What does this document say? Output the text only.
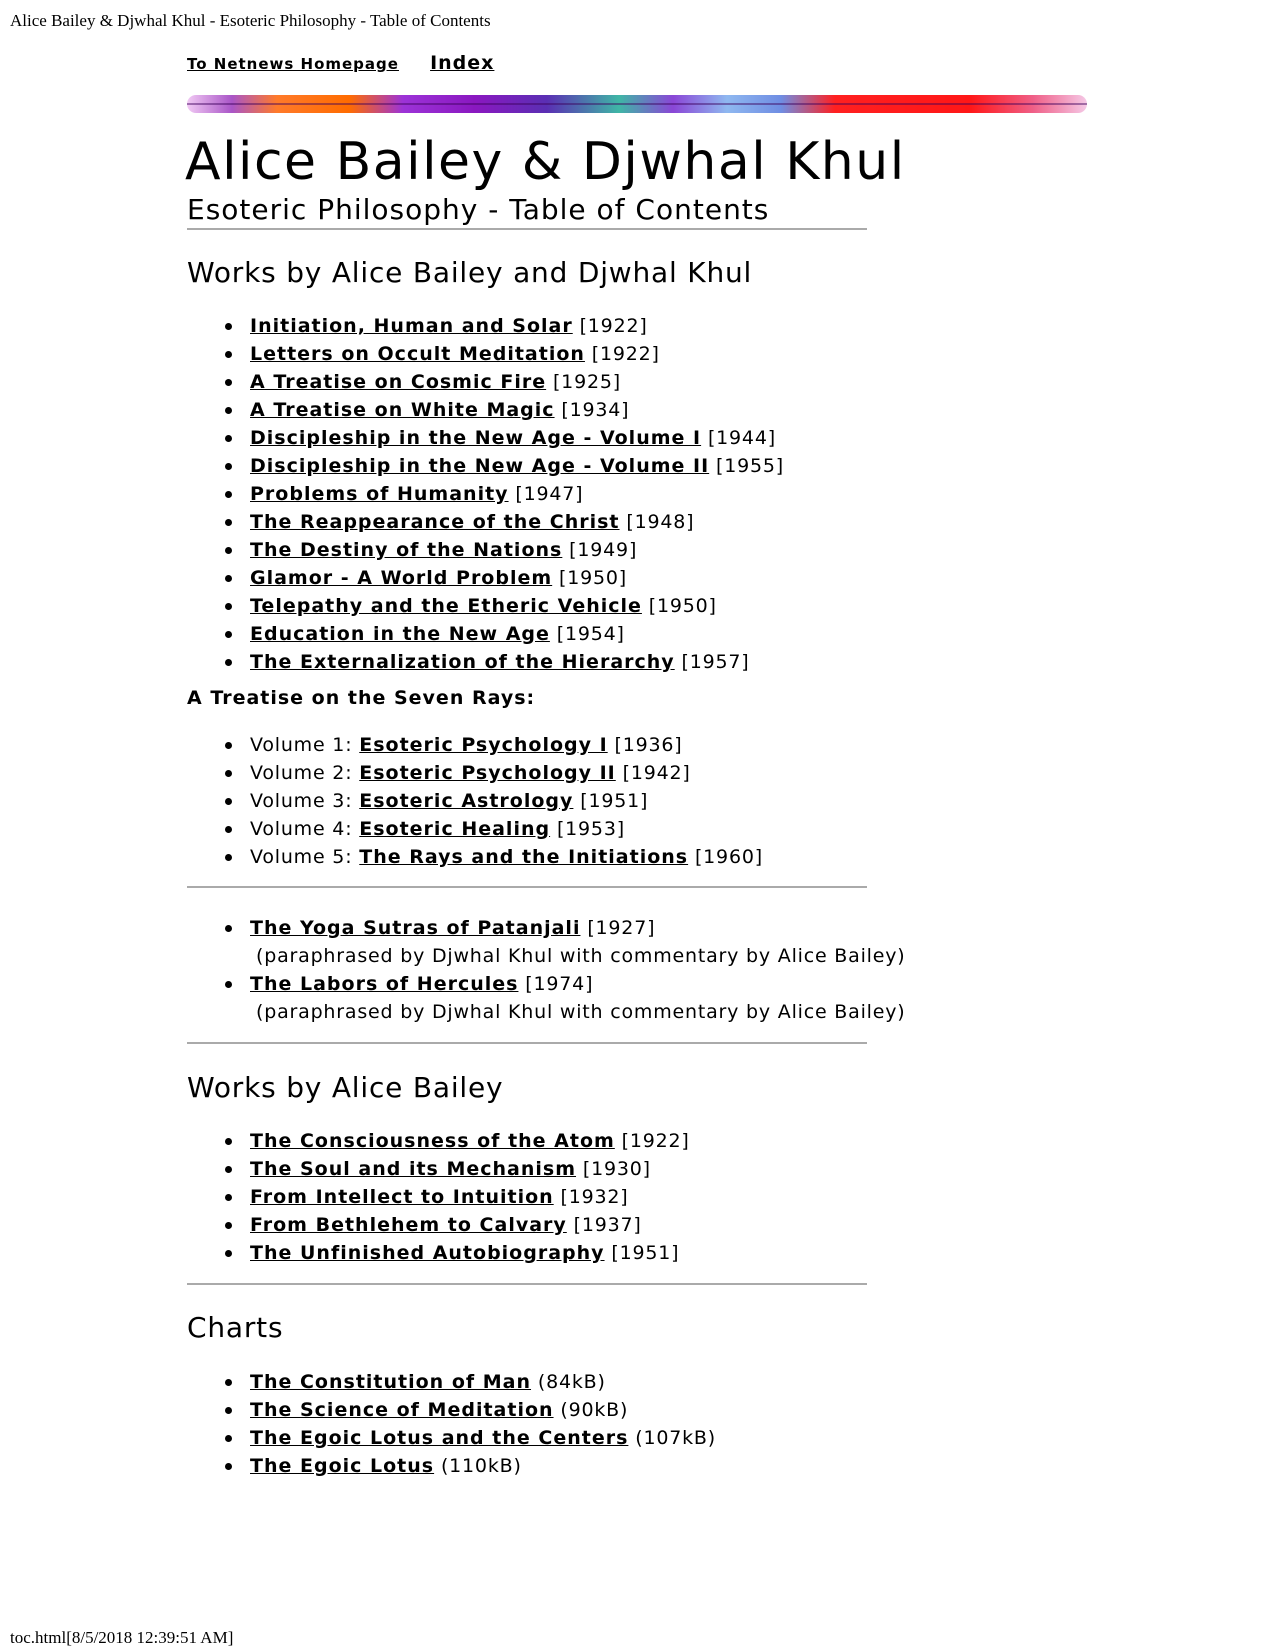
Alice Bailey & Djwhal Khul - Esoteric Philosophy - Table of Contents
To Netnews Homepage Index
Alice Bailey & Djwhal Khul
Esoteric Philosophy - Table of Contents
Works by Alice Bailey and Djwhal Khul
Initiation, Human and Solar [1922]
Letters on Occult Meditation [1922]
A Treatise on Cosmic Fire [1925]
A Treatise on White Magic [1934]
Discipleship in the New Age - Volume I [1944]
Discipleship in the New Age - Volume II [1955]
Problems of Humanity [1947]
The Reappearance of the Christ [1948]
The Destiny of the Nations [1949]
Glamor - A World Problem [1950]
Telepathy and the Etheric Vehicle [1950]
Education in the New Age [1954]
The Externalization of the Hierarchy [1957]
A Treatise on the Seven Rays:
Volume 1: Esoteric Psychology I [1936]
Volume 2: Esoteric Psychology II [1942]
Volume 3: Esoteric Astrology [1951]
Volume 4: Esoteric Healing [1953]
Volume 5: The Rays and the Initiations [1960]
The Yoga Sutras of Patanjali [1927]
(paraphrased by Djwhal Khul with commentary by Alice Bailey)
The Labors of Hercules [1974]
(paraphrased by Djwhal Khul with commentary by Alice Bailey)
Works by Alice Bailey
The Consciousness of the Atom [1922]
The Soul and its Mechanism [1930]
From Intellect to Intuition [1932]
From Bethlehem to Calvary [1937]
The Unfinished Autobiography [1951]
Charts
The Constitution of Man (84kB)
The Science of Meditation (90kB)
The Egoic Lotus and the Centers (107kB)
The Egoic Lotus (110kB)
toc.html[8/5/2018 12:39:51 AM]
